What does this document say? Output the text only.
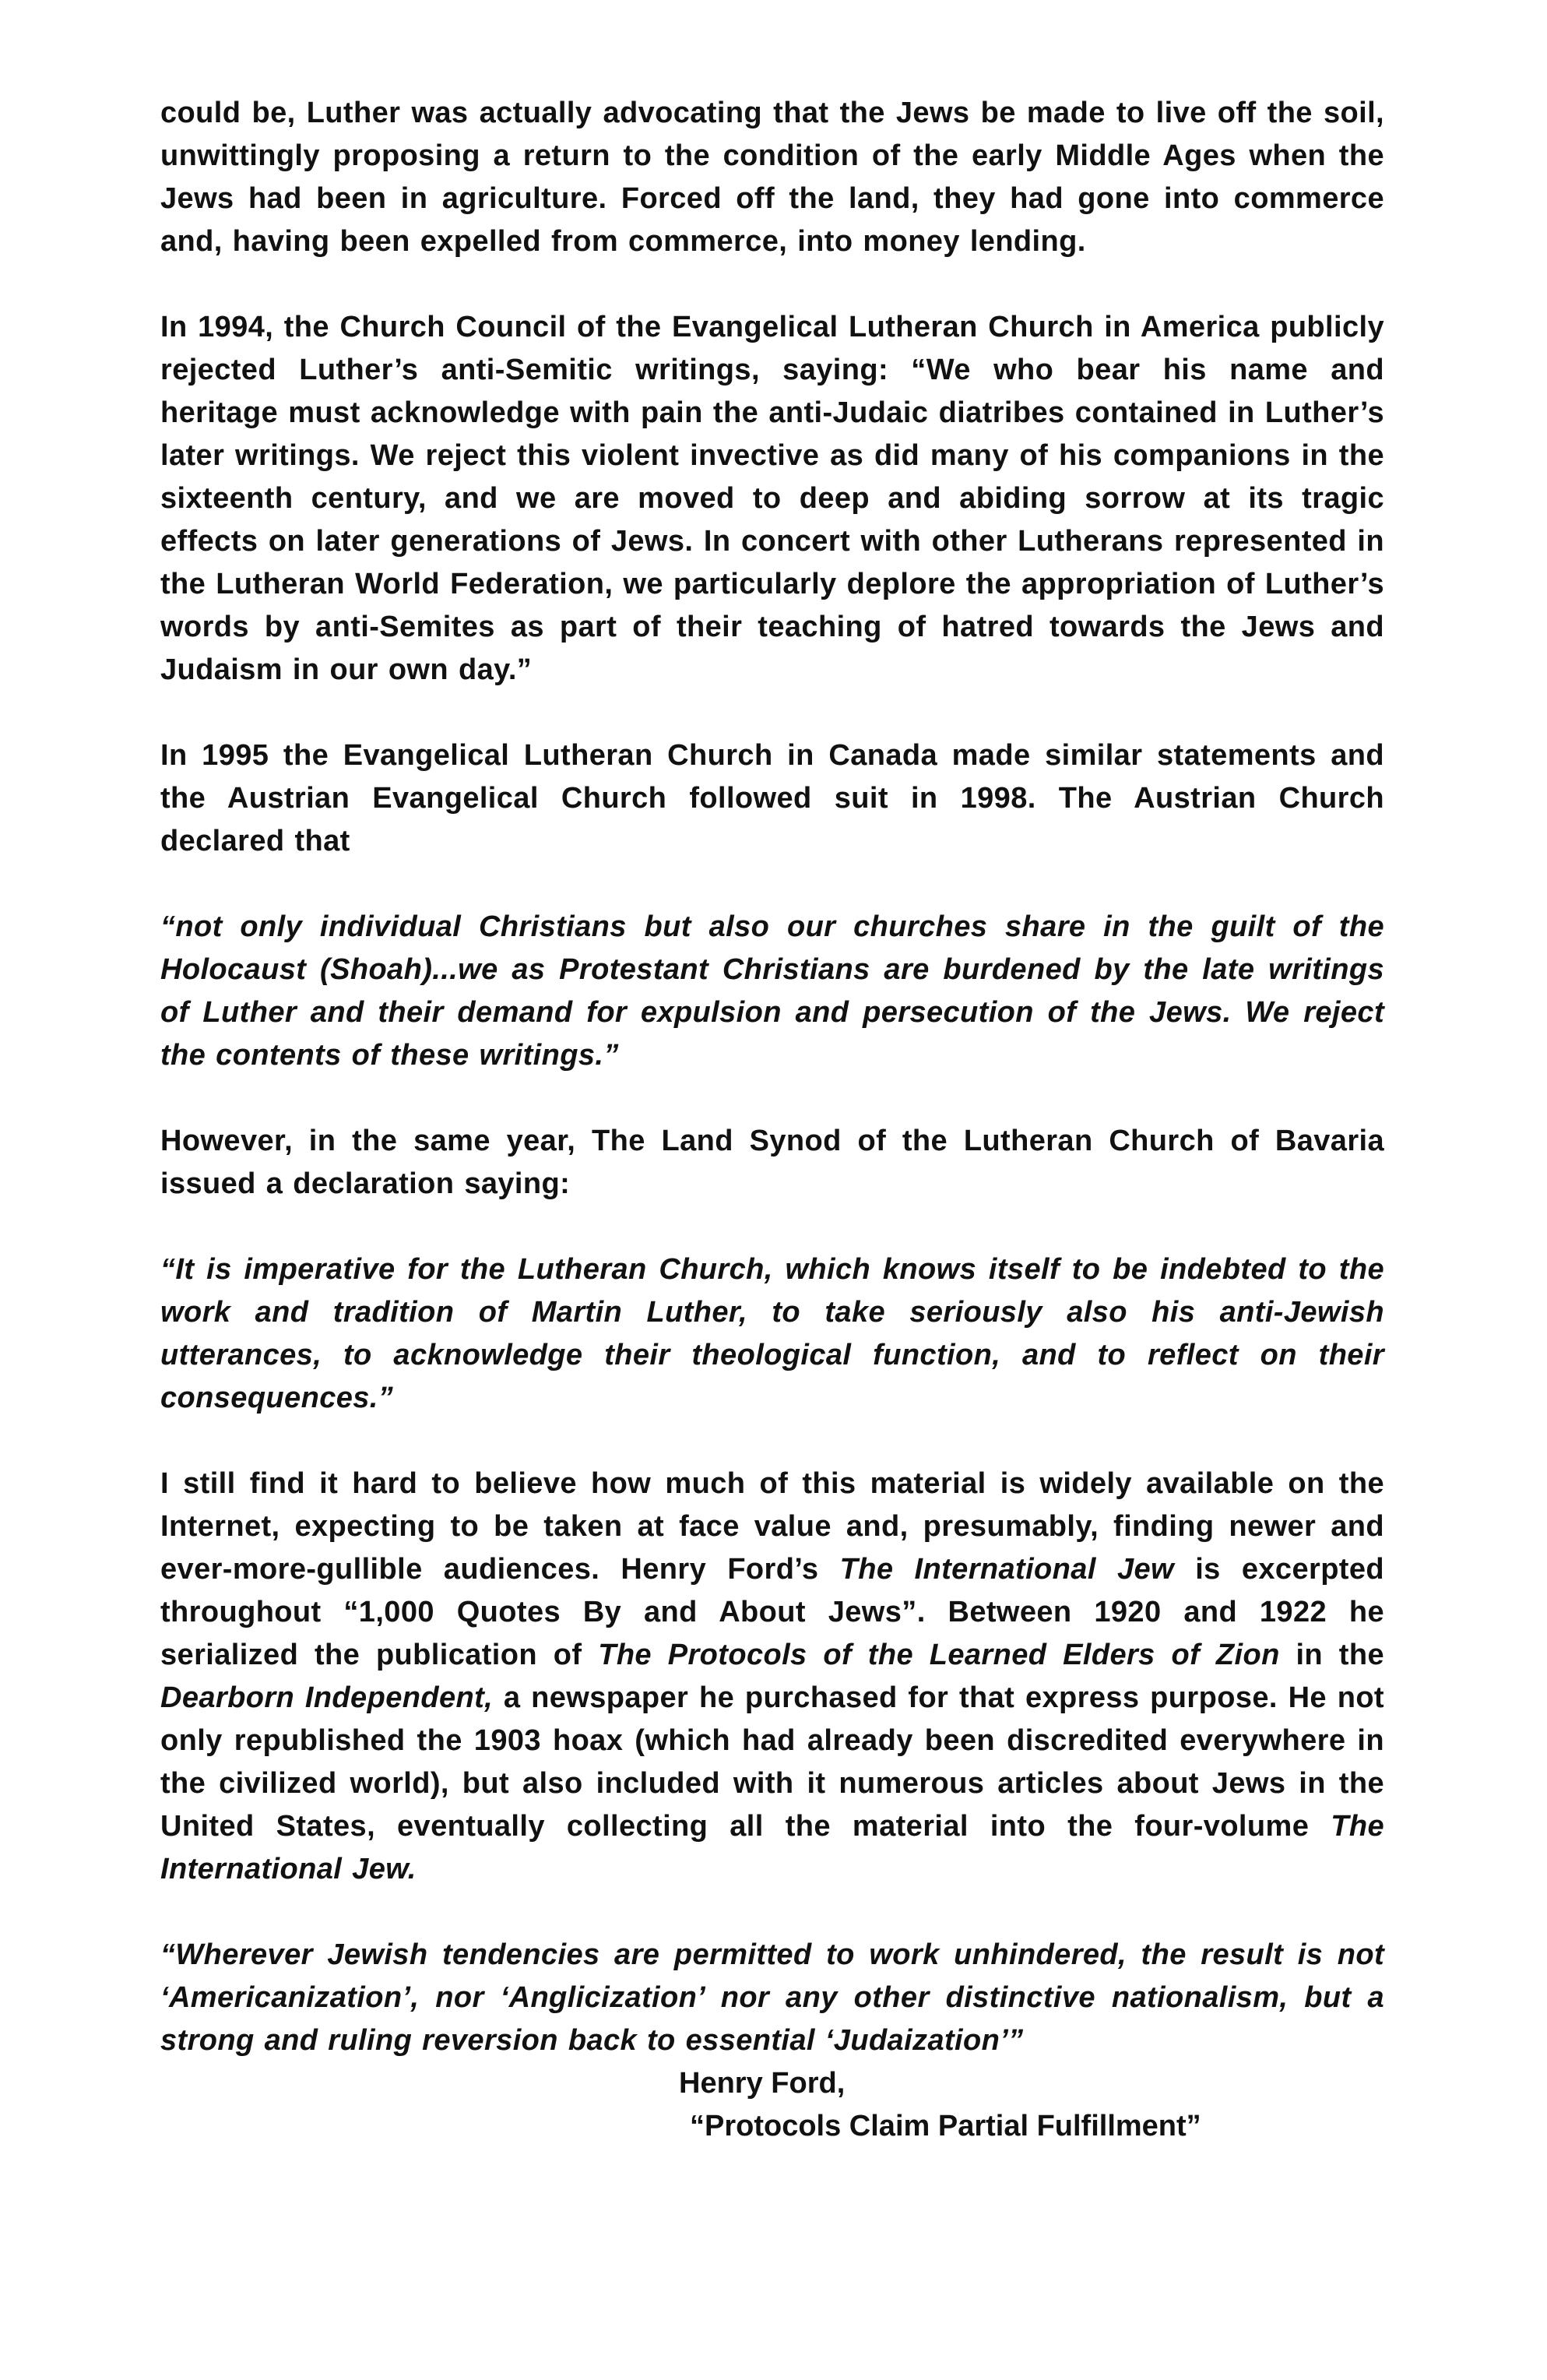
could be, Luther was actually advocating that the Jews be made to live off the soil, unwittingly proposing a return to the condition of the early Middle Ages when the Jews had been in agriculture. Forced off the land, they had gone into commerce and, having been expelled from commerce, into money lending.

In 1994, the Church Council of the Evangelical Lutheran Church in America publicly rejected Luther’s anti-Semitic writings, saying: “We who bear his name and heritage must acknowledge with pain the anti-Judaic diatribes contained in Luther’s later writings. We reject this violent invective as did many of his companions in the sixteenth century, and we are moved to deep and abiding sorrow at its tragic effects on later generations of Jews. In concert with other Lutherans represented in the Lutheran World Federation, we particularly deplore the appropriation of Luther’s words by anti-Semites as part of their teaching of hatred towards the Jews and Judaism in our own day.”

In 1995 the Evangelical Lutheran Church in Canada made similar statements and the Austrian Evangelical Church followed suit in 1998. The Austrian Church declared that

“not only individual Christians but also our churches share in the guilt of the Holocaust (Shoah)...we as Protestant Christians are burdened by the late writings of Luther and their demand for expulsion and persecution of the Jews. We reject the contents of these writings.”

However, in the same year, The Land Synod of the Lutheran Church of Bavaria issued a declaration saying:

“It is imperative for the Lutheran Church, which knows itself to be indebted to the work and tradition of Martin Luther, to take seriously also his anti-Jewish utterances, to acknowledge their theological function, and to reflect on their consequences.”

I still find it hard to believe how much of this material is widely available on the Internet, expecting to be taken at face value and, presumably, finding newer and ever-more-gullible audiences. Henry Ford’s The International Jew is excerpted throughout “1,000 Quotes By and About Jews”. Between 1920 and 1922 he serialized the publication of The Protocols of the Learned Elders of Zion in the Dearborn Independent, a newspaper he purchased for that express purpose. He not only republished the 1903 hoax (which had already been discredited everywhere in the civilized world), but also included with it numerous articles about Jews in the United States, eventually collecting all the material into the four-volume The International Jew.

“Wherever Jewish tendencies are permitted to work unhindered, the result is not ‘Americanization’, nor ‘Anglicization’ nor any other distinctive nationalism, but a strong and ruling reversion back to essential ‘Judaization’”

Henry Ford,
“Protocols Claim Partial Fulfillment”
